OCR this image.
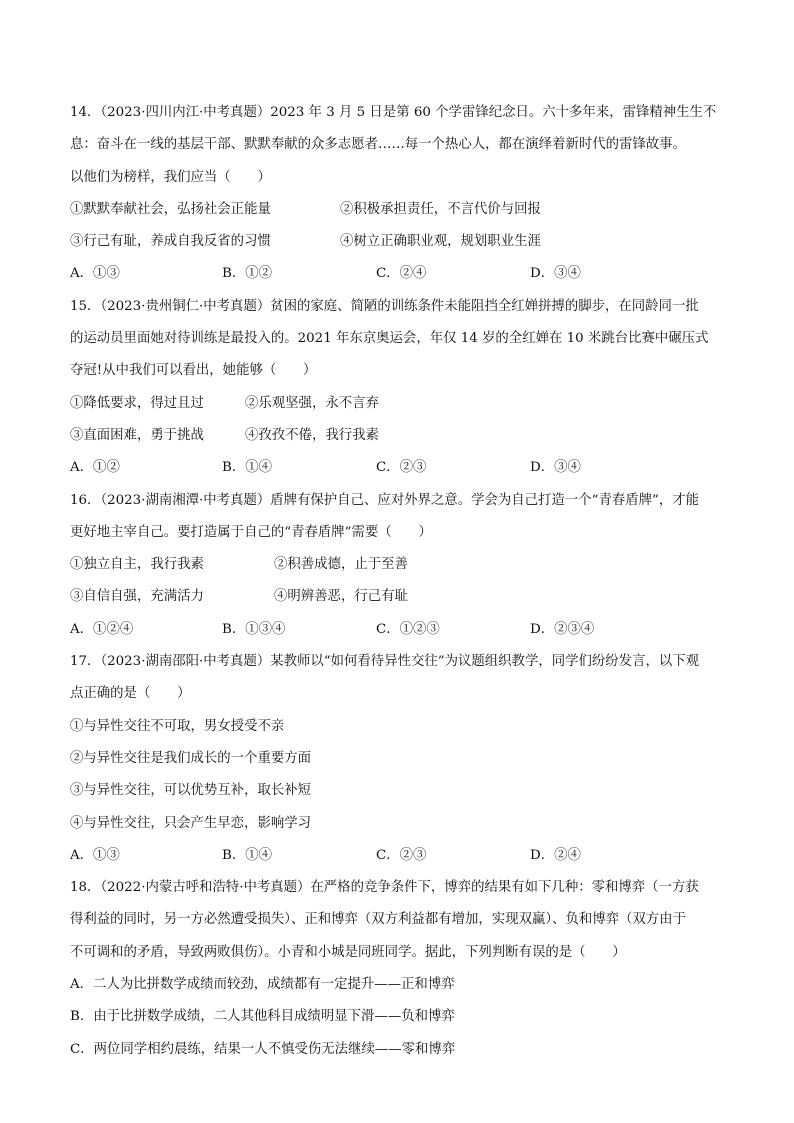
14．（2023·四川内江·中考真题）2023 年 3 月 5 日是第 60 个学雷锋纪念日。六十多年来，雷锋精神生生不
息：奋斗在一线的基层干部、默默奉献的众多志愿者……每一个热心人，都在演绎着新时代的雷锋故事。
以他们为榜样，我们应当（　　）
①默默奉献社会，弘扬社会正能量	②积极承担责任，不言代价与回报
③行己有耻，养成自我反省的习惯	④树立正确职业观，规划职业生涯
A．①③	B．①②	C．②④	D．③④
15．（2023·贵州铜仁·中考真题）贫困的家庭、简陋的训练条件未能阻挡全红婵拼搏的脚步，在同龄同一批
的运动员里面她对待训练是最投入的。2021 年东京奥运会，年仅 14 岁的全红婵在 10 米跳台比赛中碾压式
夺冠!从中我们可以看出，她能够（　　）
①降低要求，得过且过	②乐观坚强，永不言弃
③直面困难，勇于挑战	④孜孜不倦，我行我素
A．①②	B．①④	C．②③	D．③④
16．（2023·湖南湘潭·中考真题）盾牌有保护自己、应对外界之意。学会为自己打造一个“青春盾牌”，才能
更好地主宰自己。要打造属于自己的“青春盾牌”需要（　　）
①独立自主，我行我素	②积善成德，止于至善
③自信自强，充满活力	④明辨善恶，行己有耻
A．①②④	B．①③④	C．①②③	D．②③④
17．（2023·湖南邵阳·中考真题）某教师以“如何看待异性交往”为议题组织教学，同学们纷纷发言，以下观
点正确的是（　　）
①与异性交往不可取，男女授受不亲
②与异性交往是我们成长的一个重要方面
③与异性交往，可以优势互补，取长补短
④与异性交往，只会产生早恋，影响学习
A．①③	B．①④	C．②③	D．②④
18．（2022·内蒙古呼和浩特·中考真题）在严格的竞争条件下，博弈的结果有如下几种：零和博弈（一方获
得利益的同时，另一方必然遭受损失）、正和博弈（双方利益都有增加，实现双赢）、负和博弈（双方由于
不可调和的矛盾，导致两败俱伤）。小青和小城是同班同学。据此，下列判断有误的是（　　）
A．二人为比拼数学成绩而较劲，成绩都有一定提升——正和博弈
B．由于比拼数学成绩，二人其他科目成绩明显下滑——负和博弈
C．两位同学相约晨练，结果一人不慎受伤无法继续——零和博弈
